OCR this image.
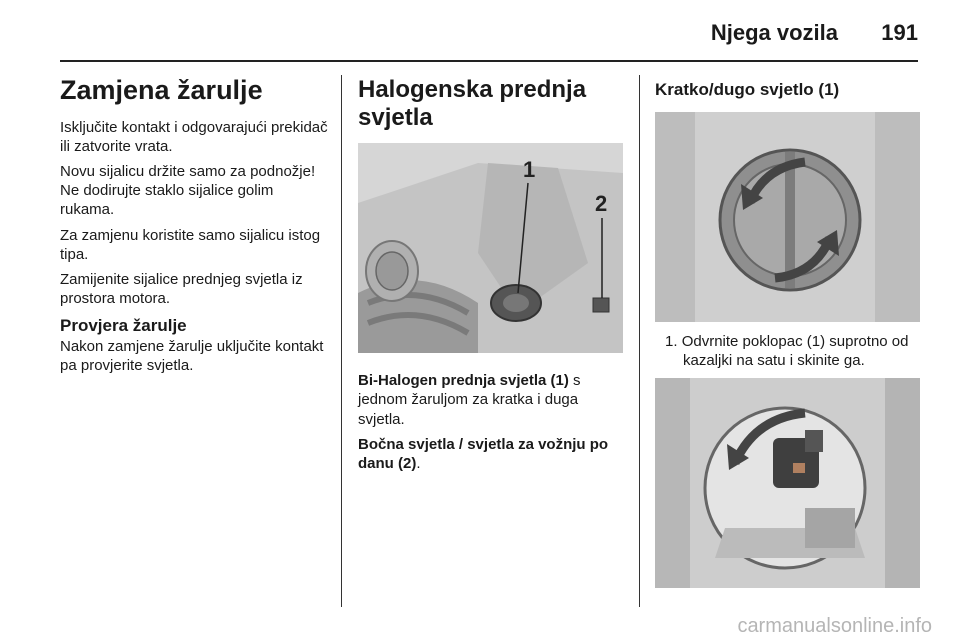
Njega vozila 191
Zamjena žarulje

Isključite kontakt i odgovarajući prekidač ili zatvorite vrata.

Novu sijalicu držite samo za podnožje! Ne dodirujte staklo sijalice golim rukama.

Za zamjenu koristite samo sijalicu istog tipa.

Zamijenite sijalice prednjeg svjetla iz prostora motora.

Provjera žarulje

Nakon zamjene žarulje uključite kontakt pa provjerite svjetla.

Halogenska prednja svjetla
1
2

Bi-Halogen prednja svjetla (1) s jednom žaruljom za kratka i duga svjetla.

Bočna svjetla / svjetla za vožnju po danu (2).

Kratko/dugo svjetlo (1)

1. Odvrnite poklopac (1) suprotno od kazaljki na satu i skinite ga.

carmanualsonline.info
